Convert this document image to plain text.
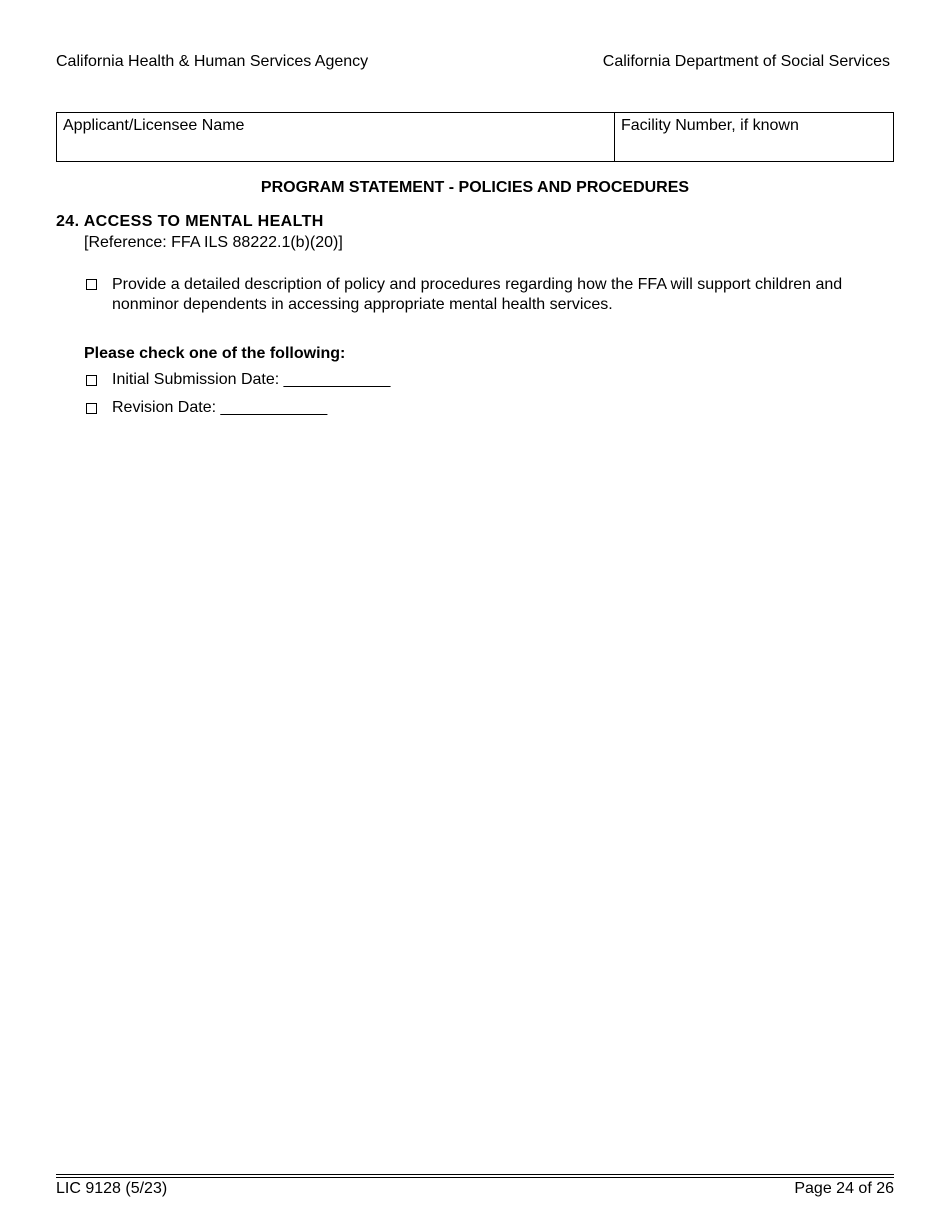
California Health & Human Services Agency	California Department of Social Services
Applicant/Licensee Name	Facility Number, if known
PROGRAM STATEMENT - POLICIES AND PROCEDURES
24. ACCESS TO MENTAL HEALTH
[Reference: FFA ILS 88222.1(b)(20)]
Provide a detailed description of policy and procedures regarding how the FFA will support children and nonminor dependents in accessing appropriate mental health services.
Please check one of the following:
Initial Submission Date: ____________
Revision Date: ____________
LIC 9128 (5/23)	Page 24 of 26
